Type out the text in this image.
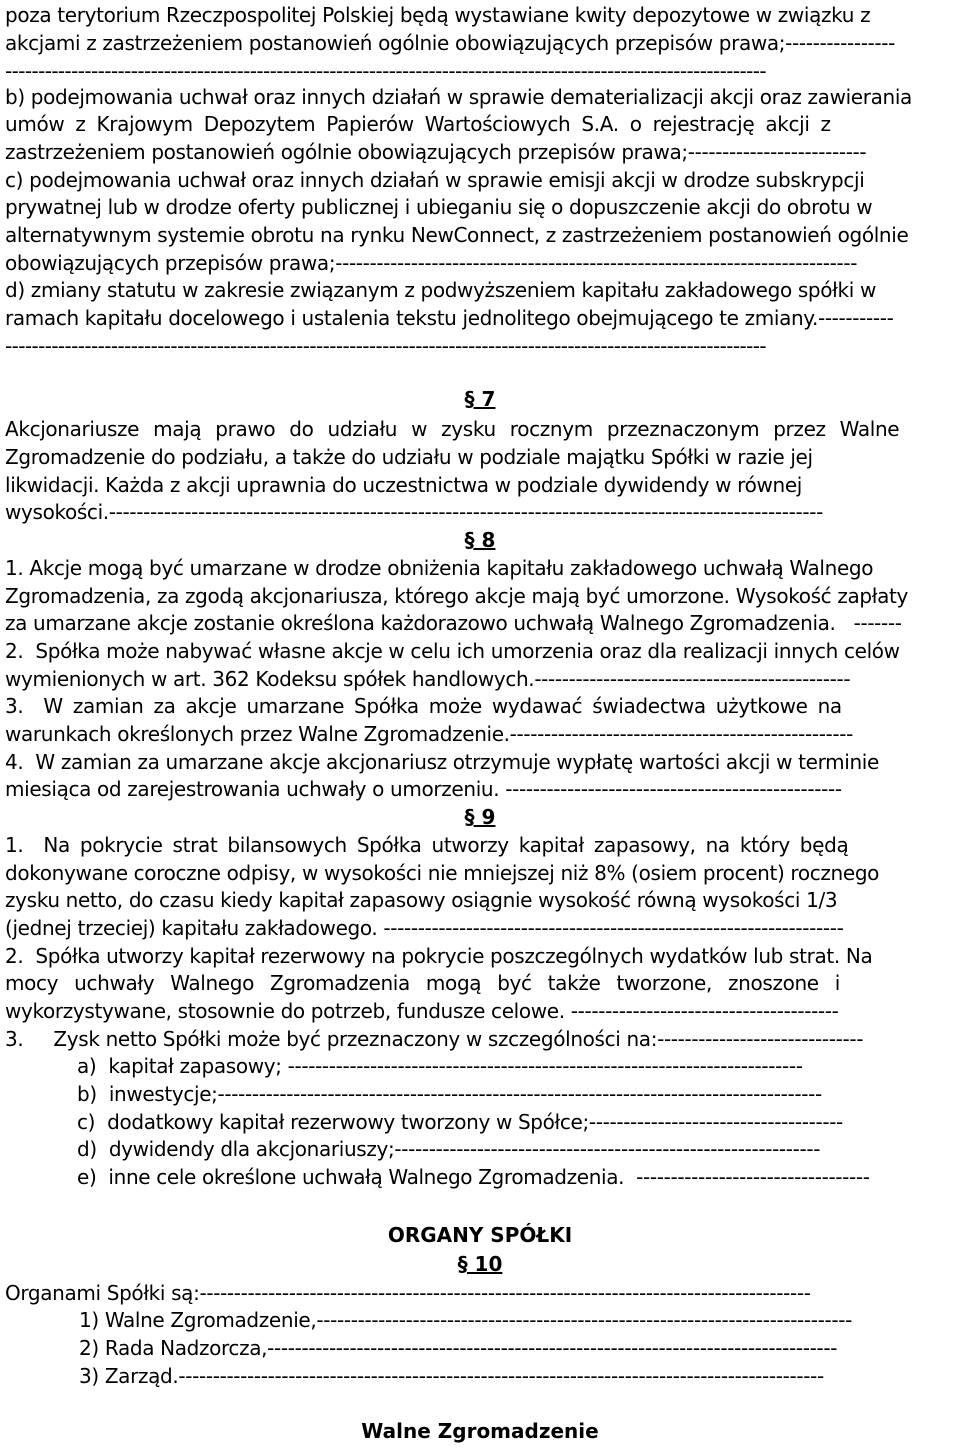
poza terytorium Rzeczpospolitej Polskiej będą wystawiane kwity depozytowe w związku z
akcjami z zastrzeżeniem postanowień ogólnie obowiązujących przepisów prawa;----------------
-------------------------------------------------------------------------------------------------------------------
b) podejmowania uchwał oraz innych działań w sprawie dematerializacji akcji oraz zawierania
umów z Krajowym Depozytem Papierów Wartościowych S.A. o rejestrację akcji z
zastrzeżeniem postanowień ogólnie obowiązujących przepisów prawa;--------------------------
c) podejmowania uchwał oraz innych działań w sprawie emisji akcji w drodze subskrypcji
prywatnej lub w drodze oferty publicznej i ubieganiu się o dopuszczenie akcji do obrotu w
alternatywnym systemie obrotu na rynku NewConnect, z zastrzeżeniem postanowień ogólnie
obowiązujących przepisów prawa;----------------------------------------------------------------------------
d) zmiany statutu w zakresie związanym z podwyższeniem kapitału zakładowego spółki w
ramach kapitału docelowego i ustalenia tekstu jednolitego obejmującego te zmiany.-----------
-------------------------------------------------------------------------------------------------------------------
§ 7
Akcjonariusze mają prawo do udziału w zysku rocznym przeznaczonym przez Walne
Zgromadzenie do podziału, a także do udziału w podziale majątku Spółki w razie jej
likwidacji. Każda z akcji uprawnia do uczestnictwa w podziale dywidendy w równej
wysokości.--------------------------------------------------------------------------------------------------------
§ 8
1. Akcje mogą być umarzane w drodze obniżenia kapitału zakładowego uchwałą Walnego
Zgromadzenia, za zgodą akcjonariusza, którego akcje mają być umorzone. Wysokość zapłaty
za umarzane akcje zostanie określona każdorazowo uchwałą Walnego Zgromadzenia.   -------
2.  Spółka może nabywać własne akcje w celu ich umorzenia oraz dla realizacji innych celów
wymienionych w art. 362 Kodeksu spółek handlowych.----------------------------------------------
3.  W zamian za akcje umarzane Spółka może wydawać świadectwa użytkowe na
warunkach określonych przez Walne Zgromadzenie.--------------------------------------------------
4.  W zamian za umarzane akcje akcjonariusz otrzymuje wypłatę wartości akcji w terminie
miesiąca od zarejestrowania uchwały o umorzeniu. -------------------------------------------------
§ 9
1.  Na pokrycie strat bilansowych Spółka utworzy kapitał zapasowy, na który będą
dokonywane coroczne odpisy, w wysokości nie mniejszej niż 8% (osiem procent) rocznego
zysku netto, do czasu kiedy kapitał zapasowy osiągnie wysokość równą wysokości 1/3
(jednej trzeciej) kapitału zakładowego. -------------------------------------------------------------------
2.  Spółka utworzy kapitał rezerwowy na pokrycie poszczególnych wydatków lub strat. Na
mocy uchwały Walnego Zgromadzenia mogą być także tworzone, znoszone i
wykorzystywane, stosownie do potrzeb, fundusze celowe. ---------------------------------------
3.     Zysk netto Spółki może być przeznaczony w szczególności na:------------------------------
a)  kapitał zapasowy; ---------------------------------------------------------------------------
b)  inwestycje;----------------------------------------------------------------------------------------
c)  dodatkowy kapitał rezerwowy tworzony w Spółce;-------------------------------------
d)  dywidendy dla akcjonariuszy;--------------------------------------------------------------
e)  inne cele określone uchwałą Walnego Zgromadzenia.  ----------------------------------
ORGANY SPÓŁKI
§ 10
Organami Spółki są:-----------------------------------------------------------------------------------------
1) Walne Zgromadzenie,------------------------------------------------------------------------------
2) Rada Nadzorcza,-----------------------------------------------------------------------------------
3) Zarząd.----------------------------------------------------------------------------------------------
Walne Zgromadzenie
